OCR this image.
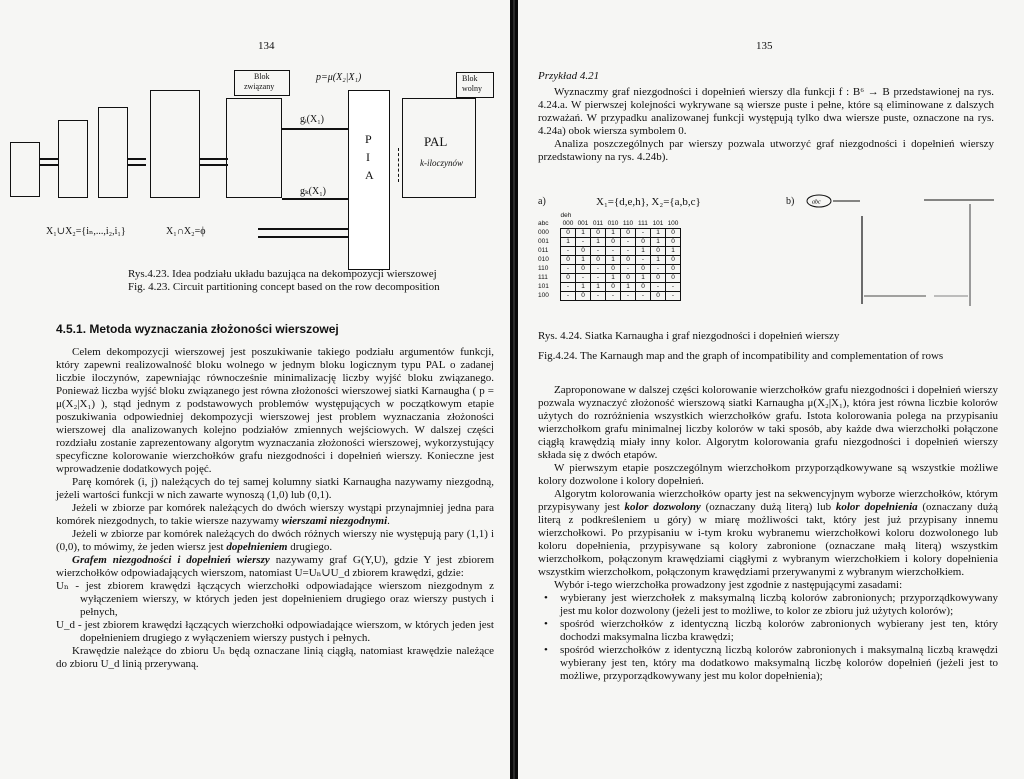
134
Blok
związany
p=μ(X₂|X₁)
gᵢ(X₁)
gₖ(X₁)
P
I
A
Blok
wolny
PAL
k-iloczynów
X₁∪X₂={iₙ,...,i₂,i₁}	X₁∩X₂=ϕ
Rys.4.23. Idea podziału układu bazująca na dekompozycji wierszowej
Fig. 4.23. Circuit partitioning concept based on the row decomposition
4.5.1. Metoda wyznaczania złożoności wierszowej

Celem dekompozycji wierszowej jest poszukiwanie takiego podziału argumentów funkcji, który zapewni realizowalność bloku wolnego w jednym bloku logicznym typu PAL o zadanej liczbie iloczynów, zapewniając równocześnie minimalizację liczby wyjść bloku związanego. Ponieważ liczba wyjść bloku związanego jest równa złożoności wierszowej siatki Karnaugha ( p = μ(X₂|X₁) ), stąd jednym z podstawowych problemów występujących w początkowym etapie poszukiwania odpowiedniej dekompozycji wierszowej jest problem wyznaczania złożoności wierszowej dla analizowanych kolejno podziałów zmiennych wejściowych. W dalszej części rozdziału zostanie zaprezentowany algorytm wyznaczania złożoności wierszowej, wykorzystujący specyficzne kolorowanie wierzchołków grafu niezgodności i dopełnień wierszy. Konieczne jest wprowadzenie dodatkowych pojęć.

Parę komórek (i, j) należących do tej samej kolumny siatki Karnaugha nazywamy niezgodną, jeżeli wartości funkcji w nich zawarte wynoszą (1,0) lub (0,1).

Jeżeli w zbiorze par komórek należących do dwóch wierszy wystąpi przynajmniej jedna para komórek niezgodnych, to takie wiersze nazywamy wierszami niezgodnymi.

Jeżeli w zbiorze par komórek należących do dwóch różnych wierszy nie występują pary (1,1) i (0,0), to mówimy, że jeden wiersz jest dopełnieniem drugiego.

Grafem niezgodności i dopełnień wierszy nazywamy graf G(Y,U), gdzie Y jest zbiorem wierzchołków odpowiadających wierszom, natomiast U=Uₙ∪U_d zbiorem krawędzi, gdzie:

Uₙ - jest zbiorem krawędzi łączących wierzchołki odpowiadające wierszom niezgodnym z wyłączeniem wierszy, w których jeden jest dopełnieniem drugiego oraz wierszy pustych i pełnych,

U_d - jest zbiorem krawędzi łączących wierzchołki odpowiadające wierszom, w których jeden jest dopełnieniem drugiego z wyłączeniem wierszy pustych i pełnych.

Krawędzie należące do zbioru Uₙ będą oznaczane linią ciągłą, natomiast krawędzie należące do zbioru U_d linią przerywaną.

135
Przykład 4.21

Wyznaczmy graf niezgodności i dopełnień wierszy dla funkcji f : B⁶ → B przedstawionej na rys. 4.24.a. W pierwszej kolejności wykrywane są wiersze puste i pełne, które są eliminowane z dalszych rozważań. W przypadku analizowanej funkcji występują tylko dwa wiersze puste, oznaczone na rys. 4.24a) obok wiersza symbolem 0.

Analiza poszczególnych par wierszy pozwala utworzyć graf niezgodności i dopełnień wierszy przedstawiony na rys. 4.24b).

a)	X₁={d,e,h}, X₂={a,b,c}
	deh							
abc	000	001	011	010	110	111	101	100
000	0	1	0	1	0	-	1	0
001	1	-	1	0	-	0	1	0
011	-	0	-	-	-	1	0	1
010	0	1	0	1	0	-	1	0
110	-	0	-	0	-	0	-	0
111	0	-	-	1	0	1	0	0
101	-	1	1	0	1	0	-	-
100	-	0	-	-	-	-	0	-
b)	abc
Rys. 4.24. Siatka Karnaugha i graf niezgodności i dopełnień wierszy
Fig.4.24. The Karnaugh map and the graph of incompatibility and complementation of rows

Zaproponowane w dalszej części kolorowanie wierzchołków grafu niezgodności i dopełnień wierszy pozwala wyznaczyć złożoność wierszową siatki Karnaugha μ(X₂|X₁), która jest równa liczbie kolorów użytych do rozróżnienia wszystkich wierzchołków grafu. Istota kolorowania polega na przypisaniu wierzchołkom grafu minimalnej liczby kolorów w taki sposób, aby każde dwa wierzchołki połączone ciągłą krawędzią miały inny kolor. Algorytm kolorowania grafu niezgodności i dopełnień wierszy składa się z dwóch etapów.

W pierwszym etapie poszczególnym wierzchołkom przyporządkowywane są wszystkie możliwe kolory dozwolone i kolory dopełnień.

Algorytm kolorowania wierzchołków oparty jest na sekwencyjnym wyborze wierzchołków, którym przypisywany jest kolor dozwolony (oznaczany dużą literą) lub kolor dopełnienia (oznaczany dużą literą z podkreśleniem u góry) w miarę możliwości takt, który jest już przypisany innemu wierzchołkowi. Po przypisaniu w i-tym kroku wybranemu wierzchołkowi koloru dozwolonego lub koloru dopełnienia, przypisywane są kolory zabronione (oznaczane małą literą) wszystkim wierzchołkom, połączonym krawędziami ciągłymi z wybranym wierzchołkiem i kolory dopełnienia wszystkim wierzchołkom, połączonym krawędziami przerywanymi z wybranym wierzchołkiem.

Wybór i-tego wierzchołka prowadzony jest zgodnie z następującymi zasadami:

• wybierany jest wierzchołek z maksymalną liczbą kolorów zabronionych; przyporządkowywany jest mu kolor dozwolony (jeżeli jest to możliwe, to kolor ze zbioru już użytych kolorów);
• spośród wierzchołków z identyczną liczbą kolorów zabronionych wybierany jest ten, który dochodzi maksymalna liczba krawędzi;
• spośród wierzchołków z identyczną liczbą kolorów zabronionych i maksymalną liczbą krawędzi wybierany jest ten, który ma dodatkowo maksymalną liczbę kolorów dopełnień (jeżeli jest to możliwe, przyporządkowywany jest mu kolor dopełnienia);
